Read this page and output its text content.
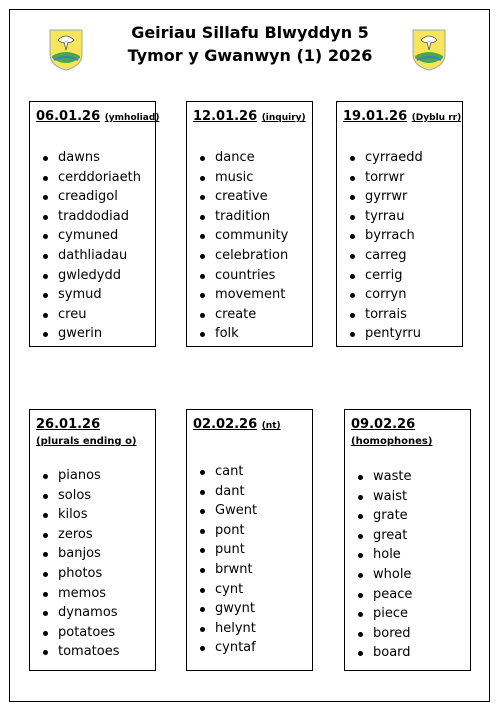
Geiriau Sillafu Blwyddyn 5
Tymor y Gwanwyn (1) 2026
06.01.26 (ymholiad)
dawns
cerddoriaeth
creadigol
traddodiad
cymuned
dathliadau
gwledydd
symud
creu
gwerin
12.01.26 (inquiry)
dance
music
creative
tradition
community
celebration
countries
movement
create
folk
19.01.26 (Dyblu rr)
cyrraedd
torrwr
gyrrwr
tyrrau
byrrach
carreg
cerrig
corryn
torrais
pentyrru
26.01.26 (plurals ending o)
pianos
solos
kilos
zeros
banjos
photos
memos
dynamos
potatoes
tomatoes
02.02.26 (nt)
cant
dant
Gwent
pont
punt
brwnt
cynt
gwynt
helynt
cyntaf
09.02.26
(homophones)
waste
waist
grate
great
hole
whole
peace
piece
bored
board
